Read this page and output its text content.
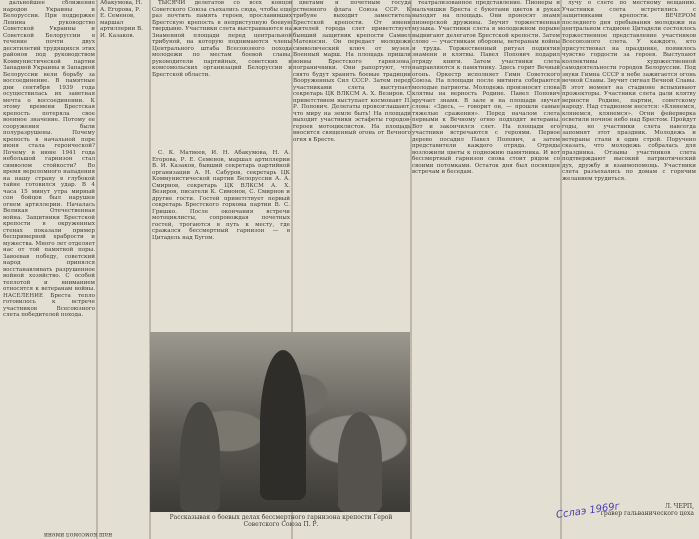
дальнейшее сближение народов Украины и Белоруссии. При поддержке Ленина руководство Советской Украины и Советской Белоруссии в течение почти двух десятилетий трудящихся этих районов под руководством Коммунистической партии Западной Украины и Западной Белоруссии вели борьбу за воссоединение. В памятные дни сентября 1939 года осуществилась их заветная мечта о воссоединении. К этому времени Брестская крепость потеряла свое военное значение. Потому ее сооружения были полуразрушены. Почему крепость в начальной поре июня стала героической? Почему в июне 1941 года небольшой гарнизон стал символом стойкости? Во время вероломного нападения на нашу страну в глубокой тайне готовился удар. В 4 часа 15 минут утра мирный сон бойцов был нарушен огнем артиллерии. Началась Великая Отечественная война. Защитники Брестской крепости в окруженных стенах показали пример беспримерной храбрости и мужества. Много лет отделяет нас от той памятной поры. Завоевав победу, советский народ принялся восстанавливать разрушенное войной хозяйство. С особой теплотой и вниманием относятся к ветеранам войны. НАСЕЛЕНИЕ Бреста тепло готовилось к встрече участников Всесоюзного слета победителей похода.

Абакумова, Н. А. Егорова, Р. Е. Семенов, маршал артиллерии В. И. Казаков.

ТЫСЯЧИ делегатов со всех концов Советского Союза съехались сюда, чтобы еще раз почтить память героев, прославивших Брестскую крепость в неприступную боевую твердыню. Участники слета выстраиваются на Знаменной площади перед центральной трибуной, на которую поднимаются члены Центрального штаба Всесоюзного похода молодежи по местам боевой славы, руководители партийных, советских и комсомольских организаций Белоруссии и Брестской области.

цветами и почетным госуда рственного флага Союза ССР. К трибуне выходит заместитель Брестской крепости. От имени жителей города слет приветствует бывший защитник крепости Самвел Матевосян. Он передает молодежи символический ключ от музея. Военный марш. На площадь пришли воины Брестского гарнизона, пограничники. Они рапортуют, что свято будут хранить боевые традиции Вооруженных Сил СССР. Затем перед участниками слета выступает секретарь ЦК ВЛКСМ А. Х. Везиров. С приветствием выступает космонавт П. Р. Попович. Делегаты провозглашают, что миру на земле быть! На площади выходит участники эстафеты городов-героев мотоциклистов. На площадь вносится священный огонь от Вечного огня в Бресте.

театрализованное представление. Пионеры и мальчишки Бреста с букетами цветов в руках выходят на площадь. Они проносят знамя пионерской дружины. Звучит торжественная музыка. Участники слета в молодежном порыве выдвигают делегатов Брестской крепости. Затем слово — участникам обороны, ветеранам войны и труда. Торжественный ритуал поднятия знамени и клятвы. Павел Попович подарил отряду книги. Затем участники слета направляются к памятнику. Здесь горит Вечный огонь. Оркестр исполняет Гимн Советского Союза. На площади после митинга собираются молодые патриоты. Молодежь произносит слова клятвы на верность Родине. Павел Попович вручает знамя. В зале и на площади звучат слова: «Здесь, — говорит он, — прошли самые тяжелые сражения». Перед началом слета первыми к Вечному огню подходят ветераны. Вот и закончился слет. На площади его участники встречаются с героями. Первое дерево посадил Павел Попович, а затем представители каждого отряда. Отряды возложили цветы к подножию памятника. И вот бессмертный гарнизон снова стоит рядом со своими потомками. Остаток дня был посвящен встречам и беседам.

лучу о слете по местному вещанию. Участники слета встретились с защитниками крепости. ВЕЧЕРОМ последнего дня пребывания молодежи на центральном стадионе Цитадели состоялось торжественное представление участников Всесоюзного слета. У каждого, кто присутствовал на празднике, появилось чувство гордости за героев. Выступают коллективы художественной самодеятельности городов Белоруссии. Под звуки Гимна СССР в небе зажигается огонь вечной Славы. Звучит сигнал Вечной Славы. В этот момент на стадионе вспыхивают прожекторы. Участники слета дали клятву верности Родине, партии, советскому народу. Над стадионом несется: «Клянемся, клянемся, клянемся». Огни фейерверка осветили ночное небо над Брестом. Пройдут годы, но участники слета навсегда запомнят этот праздник. Молодежь и ветераны стали в один строй. Поручено сказать, что молодежь собралась для праздника. Отзывы участников слета подтверждают высокий патриотический дух, дружбу и взаимопомощь. Участники слета разъехались по домам с горячим желанием трудиться.

С. К. Матвеев, И. Н. Абакумова, Н. А. Егорова, Р. Е. Семенов, маршал артиллерии В. И. Казаков, бывший секретарь партийной организации А. Н. Сабуров, секретарь ЦК Коммунистической партии Белоруссии А. А. Смирнов, секретарь ЦК ВЛКСМ А. Х. Везиров, писатели К. Симонов, С. Смирнов и другие гости. Гостей приветствует первый секретарь Брестского горкома партии В. С. Гришко. После окончания встречи мотоциклисты, сопровождая почетных гостей, трогаются в путь к месту, где сражался бессмертный гарнизон — в Цитадель над Бугом.

Рассказывая о боевых делах бессмертного гарнизона крепости Герой Советского Союза П. Р.
наш комсомол имени
Сслаэ 1969г	Л. ЧЕРП,
гравер гальванического цеха
